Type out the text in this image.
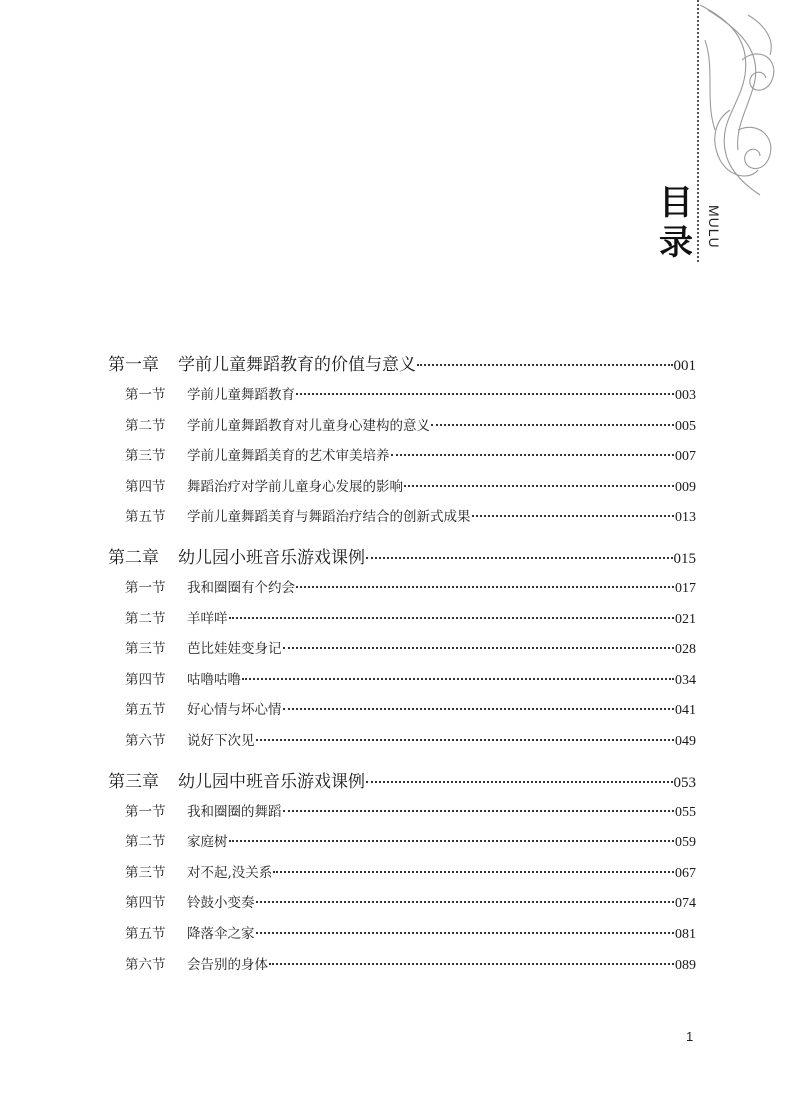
目
录 MULU
第一章	学前儿童舞蹈教育的价值与意义	001
第一节	学前儿童舞蹈教育	003
第二节	学前儿童舞蹈教育对儿童身心建构的意义	005
第三节	学前儿童舞蹈美育的艺术审美培养	007
第四节	舞蹈治疗对学前儿童身心发展的影响	009
第五节	学前儿童舞蹈美育与舞蹈治疗结合的创新式成果	013
第二章	幼儿园小班音乐游戏课例	015
第一节	我和圈圈有个约会	017
第二节	羊咩咩	021
第三节	芭比娃娃变身记	028
第四节	咕噜咕噜	034
第五节	好心情与坏心情	041
第六节	说好下次见	049
第三章	幼儿园中班音乐游戏课例	053
第一节	我和圈圈的舞蹈	055
第二节	家庭树	059
第三节	对不起,没关系	067
第四节	铃鼓小变奏	074
第五节	降落伞之家	081
第六节	会告别的身体	089
1
